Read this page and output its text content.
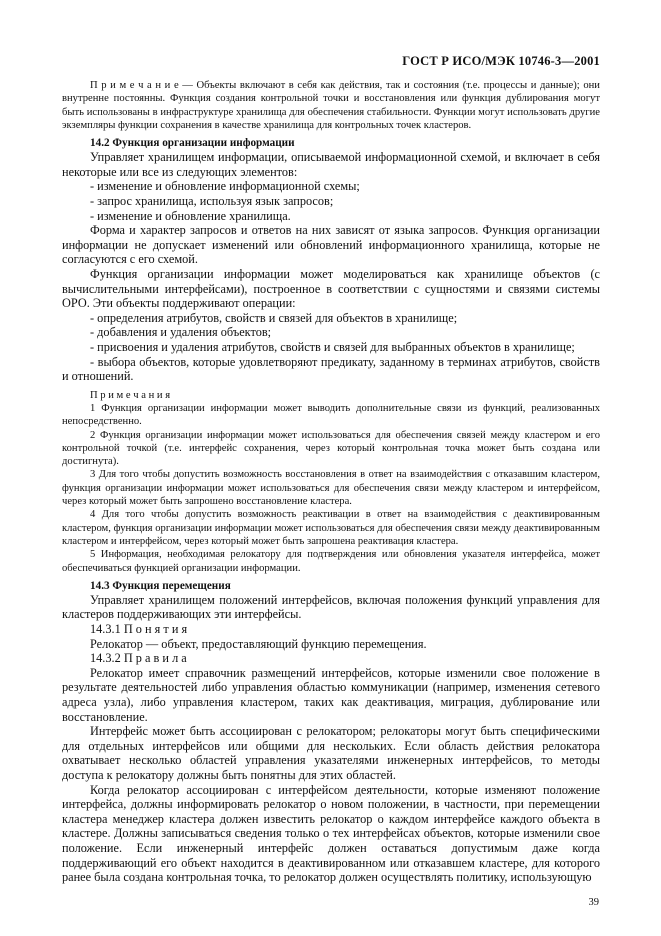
ГОСТ Р ИСО/МЭК 10746-3—2001

П р и м е ч а н и е — Объекты включают в себя как действия, так и состояния (т.е. процессы и данные); они внутренне постоянны. Функция создания контрольной точки и восстановления или функция дублирования могут быть использованы в инфраструктуре хранилища для обеспечения стабильности. Функции могут использовать другие экземпляры функции сохранения в качестве хранилища для контрольных точек кластеров.

14.2 Функция организации информации

Управляет хранилищем информации, описываемой информационной схемой, и включает в себя некоторые или все из следующих элементов:

- изменение и обновление информационной схемы;

- запрос хранилища, используя язык запросов;

- изменение и обновление хранилища.

Форма и характер запросов и ответов на них зависят от языка запросов. Функция организации информации не допускает изменений или обновлений информационного хранилища, которые не согласуются с его схемой.

Функция организации информации может моделироваться как хранилище объектов (с вычислительными интерфейсами), построенное в соответствии с сущностями и связями системы ОРО. Эти объекты поддерживают операции:

- определения атрибутов, свойств и связей для объектов в хранилище;

- добавления и удаления объектов;

- присвоения и удаления атрибутов, свойств и связей для выбранных объектов в хранилище;

- выбора объектов, которые удовлетворяют предикату, заданному в терминах атрибутов, свойств и отношений.

П р и м е ч а н и я

1 Функция организации информации может выводить дополнительные связи из функций, реализованных непосредственно.

2 Функция организации информации может использоваться для обеспечения связей между кластером и его контрольной точкой (т.е. интерфейс сохранения, через который контрольная точка может быть создана или достигнута).

3 Для того чтобы допустить возможность восстановления в ответ на взаимодействия с отказавшим кластером, функция организации информации может использоваться для обеспечения связи между кластером и интерфейсом, через который может быть запрошено восстановление кластера.

4 Для того чтобы допустить возможность реактивации в ответ на взаимодействия с деактивированным кластером, функция организации информации может использоваться для обеспечения связи между деактивированным кластером и интерфейсом, через который может быть запрошена реактивация кластера.

5 Информация, необходимая релокатору для подтверждения или обновления указателя интерфейса, может обеспечиваться функцией организации информации.

14.3 Функция перемещения

Управляет хранилищем положений интерфейсов, включая положения функций управления для кластеров поддерживающих эти интерфейсы.

14.3.1 П о н я т и я

Релокатор — объект, предоставляющий функцию перемещения.

14.3.2 П р а в и л а

Релокатор имеет справочник размещений интерфейсов, которые изменили свое положение в результате деятельностей либо управления областью коммуникации (например, изменения сетевого адреса узла), либо управления кластером, таких как деактивация, миграция, дублирование или восстановление.

Интерфейс может быть ассоциирован с релокатором; релокаторы могут быть специфическими для отдельных интерфейсов или общими для нескольких. Если область действия релокатора охватывает несколько областей управления указателями инженерных интерфейсов, то методы доступа к релокатору должны быть понятны для этих областей.

Когда релокатор ассоциирован с интерфейсом деятельности, которые изменяют положение интерфейса, должны информировать релокатор о новом положении, в частности, при перемещении кластера менеджер кластера должен известить релокатор о каждом интерфейсе каждого объекта в кластере. Должны записываться сведения только о тех интерфейсах объектов, которые изменили свое положение. Если инженерный интерфейс должен оставаться допустимым даже когда поддерживающий его объект находится в деактивированном или отказавшем кластере, для которого ранее была создана контрольная точка, то релокатор должен осуществлять политику, использующую

39
